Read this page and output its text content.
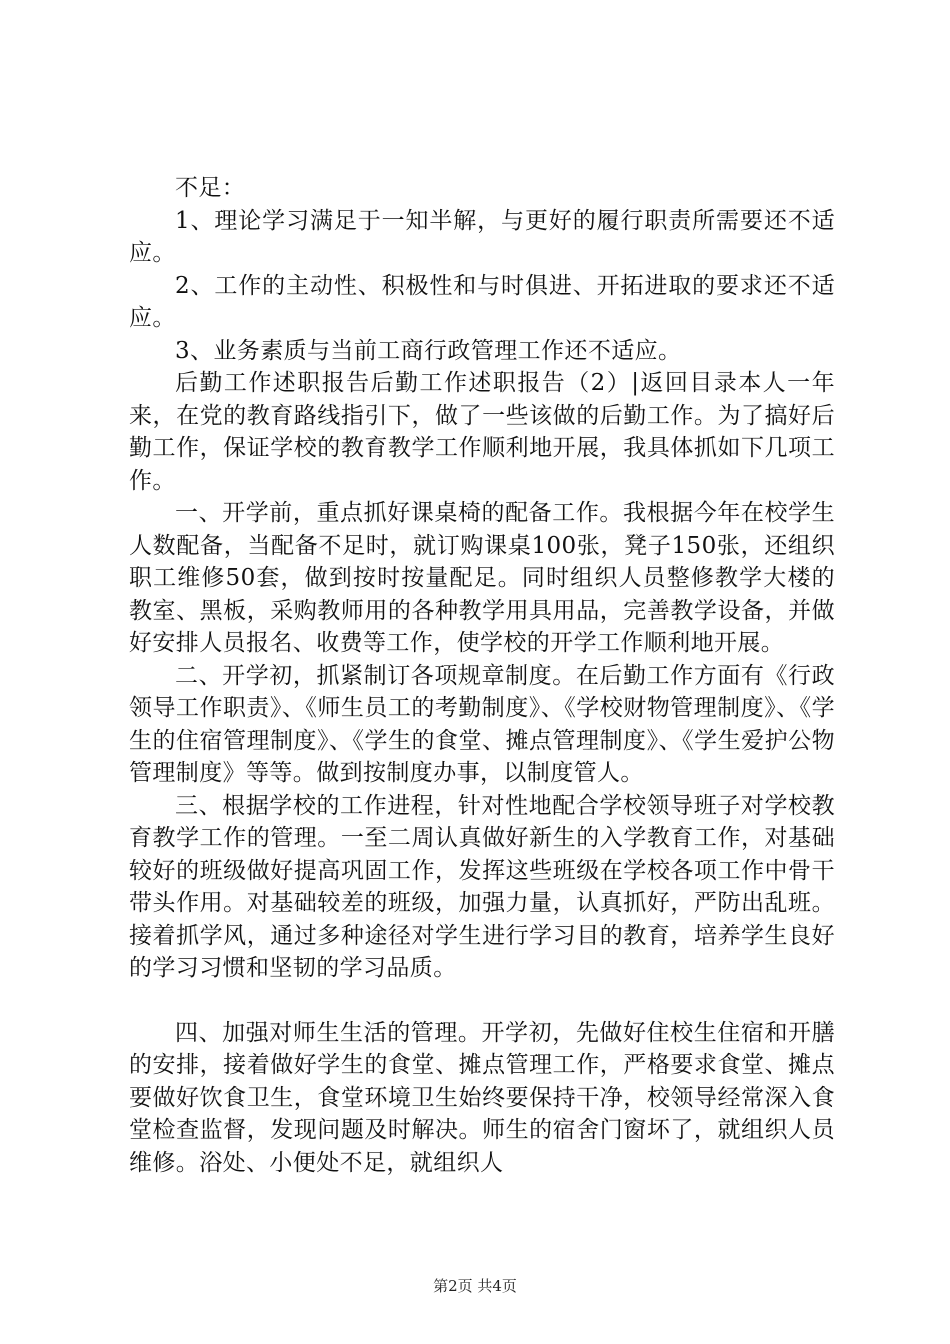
不足：

1、理论学习满足于一知半解，与更好的履行职责所需要还不适应。

2、工作的主动性、积极性和与时俱进、开拓进取的要求还不适应。

3、业务素质与当前工商行政管理工作还不适应。

后勤工作述职报告后勤工作述职报告（2）|返回目录本人一年来，在党的教育路线指引下，做了一些该做的后勤工作。为了搞好后勤工作，保证学校的教育教学工作顺利地开展，我具体抓如下几项工作。

一、开学前，重点抓好课桌椅的配备工作。我根据今年在校学生人数配备，当配备不足时，就订购课桌100张，凳子150张，还组织职工维修50套，做到按时按量配足。同时组织人员整修教学大楼的教室、黑板，采购教师用的各种教学用具用品，完善教学设备，并做好安排人员报名、收费等工作，使学校的开学工作顺利地开展。

二、开学初，抓紧制订各项规章制度。在后勤工作方面有《行政领导工作职责》、《师生员工的考勤制度》、《学校财物管理制度》、《学生的住宿管理制度》、《学生的食堂、摊点管理制度》、《学生爱护公物管理制度》等等。做到按制度办事，以制度管人。

三、根据学校的工作进程，针对性地配合学校领导班子对学校教育教学工作的管理。一至二周认真做好新生的入学教育工作，对基础较好的班级做好提高巩固工作，发挥这些班级在学校各项工作中骨干带头作用。对基础较差的班级，加强力量，认真抓好，严防出乱班。接着抓学风，通过多种途径对学生进行学习目的教育，培养学生良好的学习习惯和坚韧的学习品质。

四、加强对师生生活的管理。开学初，先做好住校生住宿和开膳的安排，接着做好学生的食堂、摊点管理工作，严格要求食堂、摊点要做好饮食卫生，食堂环境卫生始终要保持干净，校领导经常深入食堂检查监督，发现问题及时解决。师生的宿舍门窗坏了，就组织人员维修。浴处、小便处不足，就组织人

第2页 共4页
